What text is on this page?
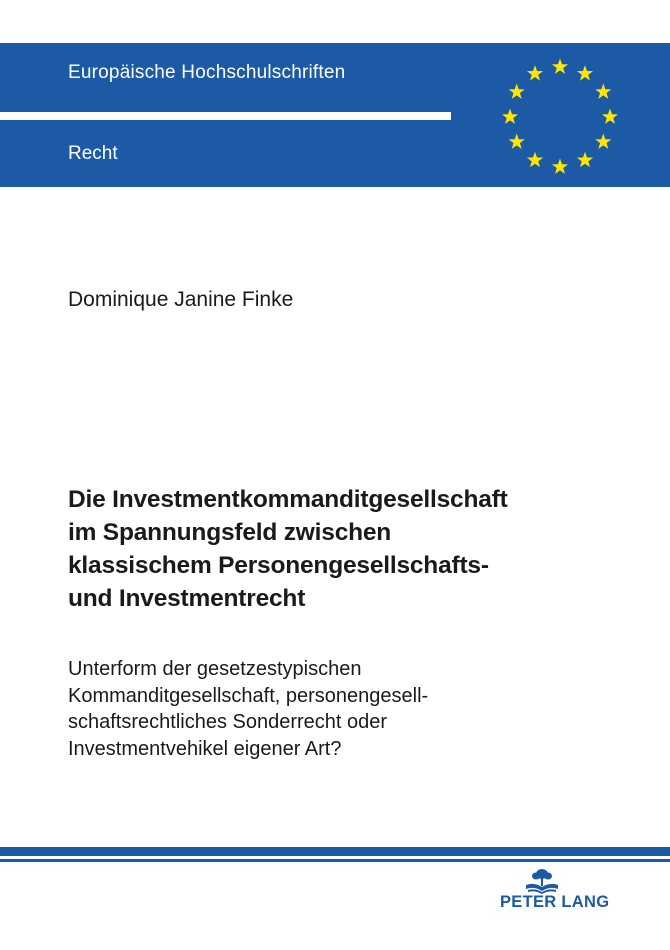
Europäische Hochschulschriften
Recht
Dominique Janine Finke
Die Investmentkommanditgesellschaft
im Spannungsfeld zwischen
klassischem Personengesellschafts-
und Investmentrecht
Unterform der gesetzestypischen
Kommanditgesellschaft, personengesell-
schaftsrechtliches Sonderrecht oder
Investmentvehikel eigener Art?
PETER LANG
